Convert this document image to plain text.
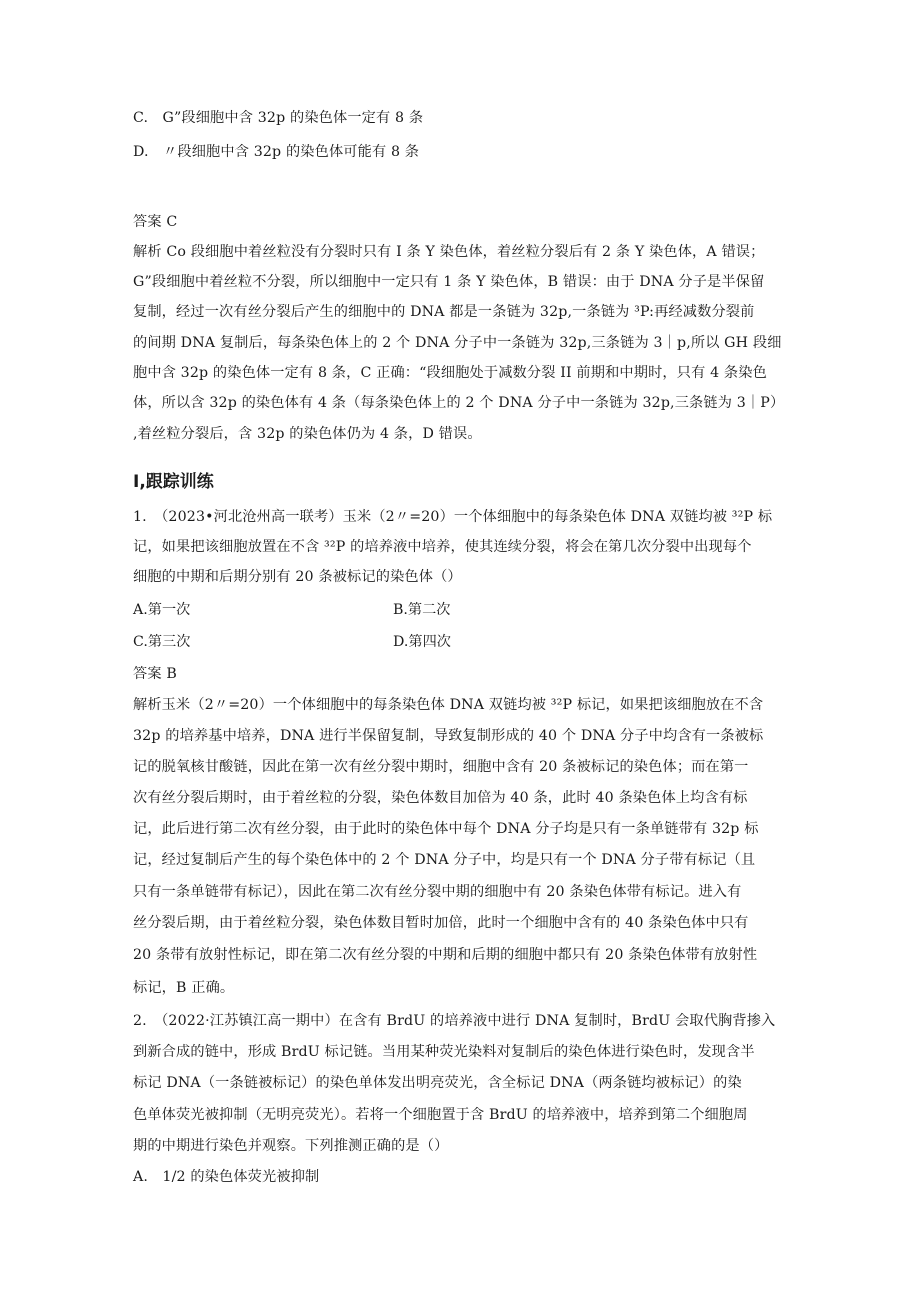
C.　G”段细胞中含 32p 的染色体一定有 8 条
D.　〃段细胞中含 32p 的染色体可能有 8 条
答案 C
解析 Co 段细胞中着丝粒没有分裂时只有 I 条 Y 染色体，着丝粒分裂后有 2 条 Y 染色体，A 错误；
G”段细胞中着丝粒不分裂，所以细胞中一定只有 1 条 Y 染色体，B 错误：由于 DNA 分子是半保留
复制，经过一次有丝分裂后产生的细胞中的 DNA 都是一条链为 32p,一条链为 ³P:再经减数分裂前
的间期 DNA 复制后，每条染色体上的 2 个 DNA 分子中一条链为 32p,三条链为 3｜p,所以 GH 段细
胞中含 32p 的染色体一定有 8 条，C 正确：“段细胞处于减数分裂 II 前期和中期时，只有 4 条染色
体，所以含 32p 的染色体有 4 条（每条染色体上的 2 个 DNA 分子中一条链为 32p,三条链为 3｜P）
,着丝粒分裂后，含 32p 的染色体仍为 4 条，D 错误。
I,跟踪训练
1.　（2023•河北沧州高一联考）玉米（2〃=20）一个体细胞中的每条染色体 DNA 双链均被 ³²P 标
记，如果把该细胞放置在不含 ³²P 的培养液中培养，使其连续分裂，将会在第几次分裂中出现每个
细胞的中期和后期分别有 20 条被标记的染色体（）
A.第一次	B.第二次
C.第三次	D.第四次
答案 B
解析玉米（2〃=20）一个体细胞中的每条染色体 DNA 双链均被 ³²P 标记，如果把该细胞放在不含
32p 的培养基中培养，DNA 进行半保留复制，导致复制形成的 40 个 DNA 分子中均含有一条被标
记的脱氧核甘酸链，因此在第一次有丝分裂中期时，细胞中含有 20 条被标记的染色体；而在第一
次有丝分裂后期时，由于着丝粒的分裂，染色体数目加倍为 40 条，此时 40 条染色体上均含有标
记，此后进行第二次有丝分裂，由于此时的染色体中每个 DNA 分子均是只有一条单链带有 32p 标
记，经过复制后产生的每个染色体中的 2 个 DNA 分子中，均是只有一个 DNA 分子带有标记（且
只有一条单链带有标记），因此在第二次有丝分裂中期的细胞中有 20 条染色体带有标记。进入有
丝分裂后期，由于着丝粒分裂，染色体数目暂时加倍，此时一个细胞中含有的 40 条染色体中只有
20 条带有放射性标记，即在第二次有丝分裂的中期和后期的细胞中都只有 20 条染色体带有放射性
标记，B 正确。
2.　（2022·江苏镇江高一期中）在含有 BrdU 的培养液中进行 DNA 复制时，BrdU 会取代胸背掺入
到新合成的链中，形成 BrdU 标记链。当用某种荧光染料对复制后的染色体进行染色时，发现含半
标记 DNA（一条链被标记）的染色单体发出明亮荧光，含全标记 DNA（两条链均被标记）的染
色单体荧光被抑制（无明亮荧光）。若将一个细胞置于含 BrdU 的培养液中，培养到第二个细胞周
期的中期进行染色并观察。下列推测正确的是（）
A.　1/2 的染色体荧光被抑制
